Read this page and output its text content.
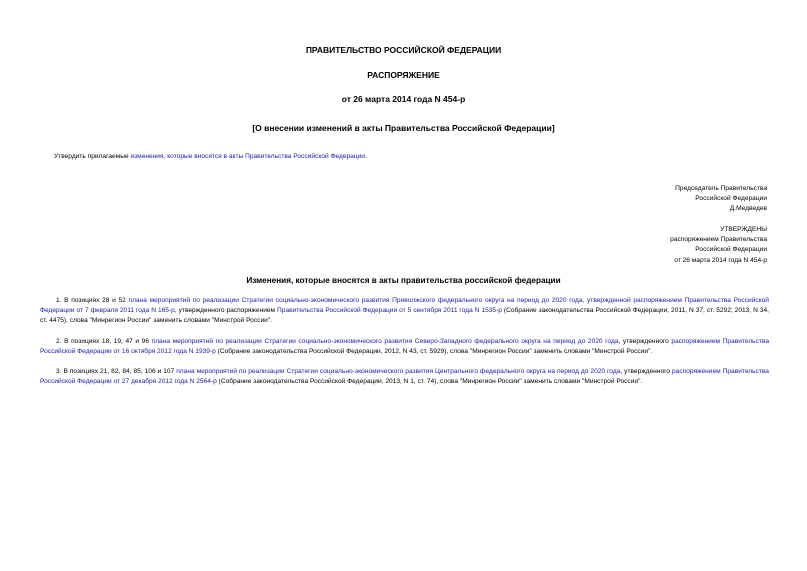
ПРАВИТЕЛЬСТВО РОССИЙСКОЙ ФЕДЕРАЦИИ
РАСПОРЯЖЕНИЕ
от 26 марта 2014 года N 454-р
[О внесении изменений в акты Правительства Российской Федерации]
Утвердить прилагаемые изменения, которые вносятся в акты Правительства Российской Федерации.
Председатель Правительства
Российской Федерации
Д.Медведев
УТВЕРЖДЕНЫ
распоряжением Правительства
Российской Федерации
от 26 марта 2014 года N 454-р
Изменения, которые вносятся в акты правительства российской федерации
1. В позициях 28 и 52 плана мероприятий по реализации Стратегии социально-экономического развития Приволжского федерального округа на период до 2020 года, утвержденной распоряжением Правительства Российской Федерации от 7 февраля 2011 года N 165-р, утвержденного распоряжением Правительства Российской Федерации от 5 сентября 2011 года N 1535-р (Собрание законодательства Российской Федерации, 2011, N 37, ст. 5292; 2013, N 34, ст. 4475), слова "Минрегион России" заменить словами "Минстрой России".
2. В позициях 18, 19, 47 и 96 плана мероприятий по реализации Стратегии социально-экономического развития Северо-Западного федерального округа на период до 2020 года, утвержденного распоряжением Правительства Российской Федерации от 16 октября 2012 года N 1939-р (Собрание законодательства Российской Федерации, 2012, N 43, ст. 5929), слова "Минрегион России" заменить словами "Минстрой России".
3. В позициях 21, 82, 84, 85, 106 и 107 плана мероприятий по реализации Стратегии социально-экономического развития Центрального федерального округа на период до 2020 года, утвержденного распоряжением Правительства Российской Федерации от 27 декабря 2012 года N 2564-р (Собрание законодательства Российской Федерации, 2013, N 1, ст. 74), слова "Минрегион России" заменить словами "Минстрой России".
